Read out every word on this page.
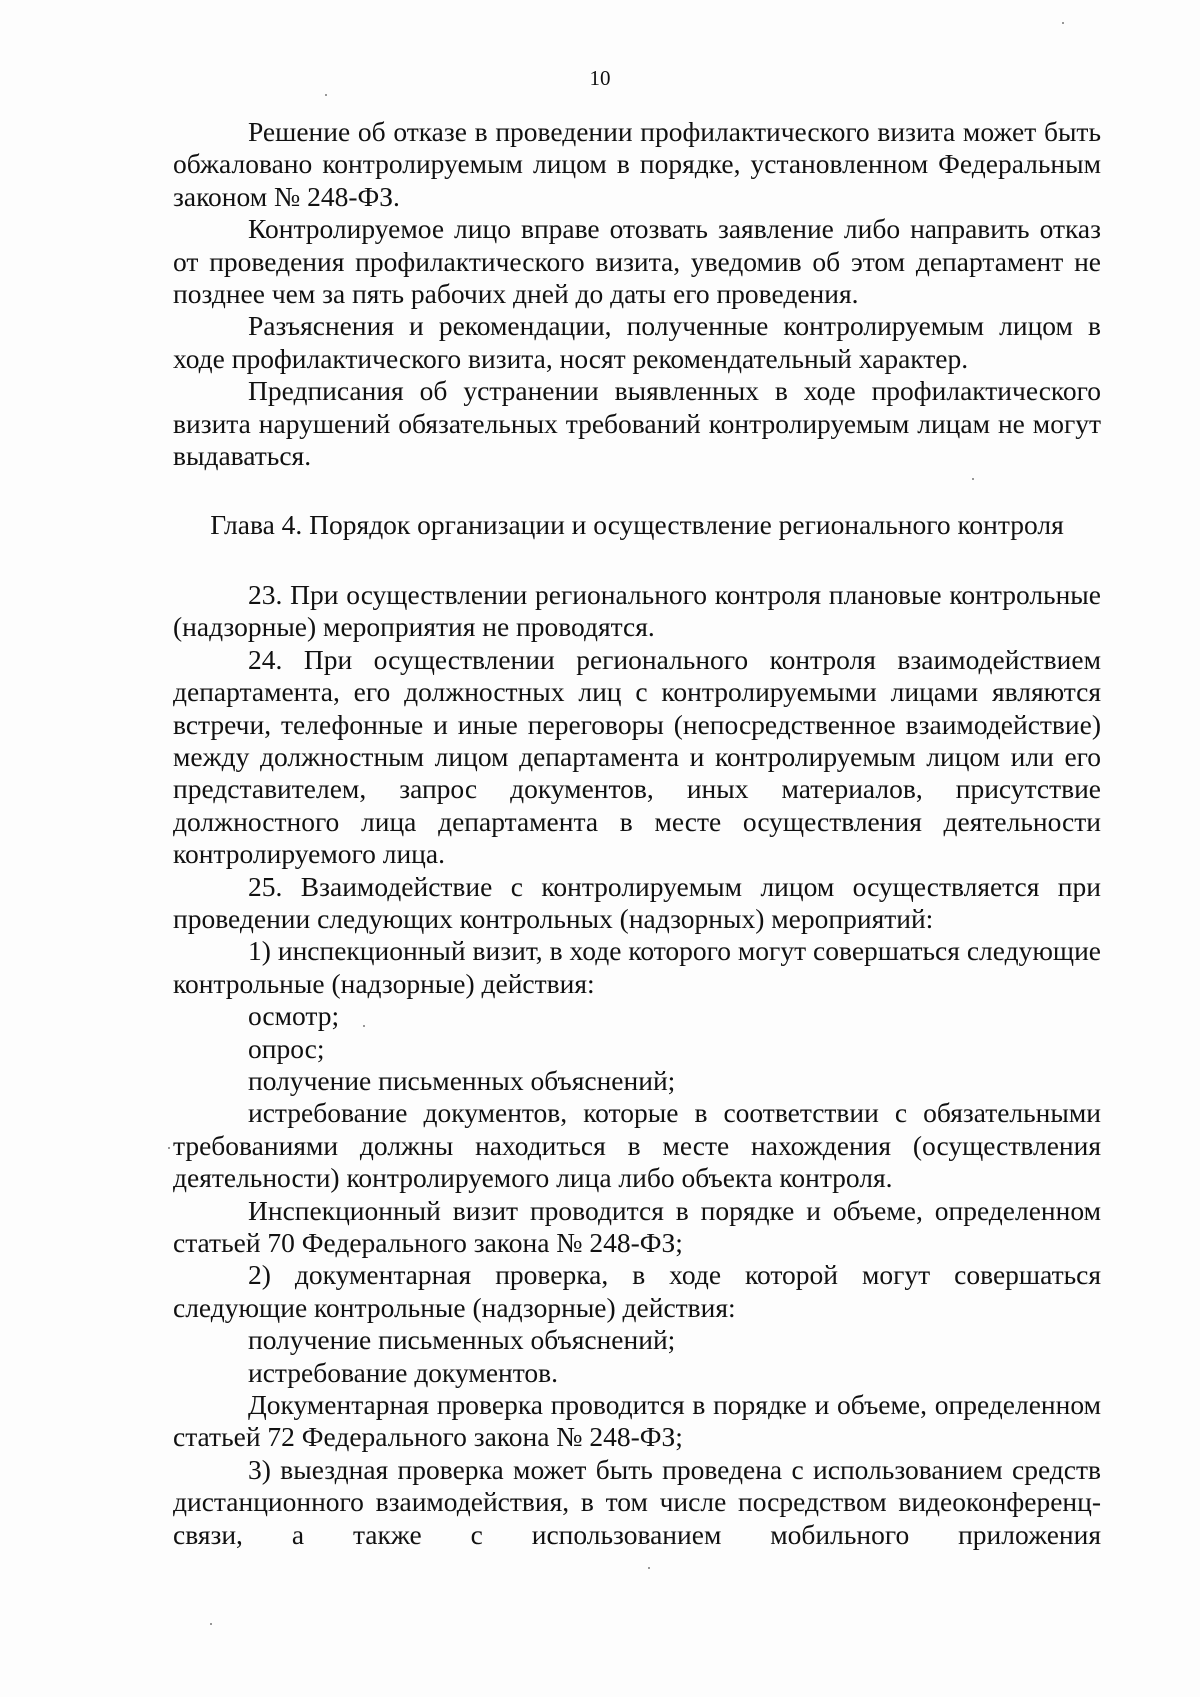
10

Решение об отказе в проведении профилактического визита может быть обжаловано контролируемым лицом в порядке, установленном Федеральным законом № 248-ФЗ.

Контролируемое лицо вправе отозвать заявление либо направить отказ от проведения профилактического визита, уведомив об этом департамент не позднее чем за пять рабочих дней до даты его проведения.

Разъяснения и рекомендации, полученные контролируемым лицом в ходе профилактического визита, носят рекомендательный характер.

Предписания об устранении выявленных в ходе профилактического визита нарушений обязательных требований контролируемым лицам не могут выдаваться.

Глава 4. Порядок организации и осуществление регионального контроля

23. При осуществлении регионального контроля плановые контрольные (надзорные) мероприятия не проводятся.

24. При осуществлении регионального контроля взаимодействием департамента, его должностных лиц с контролируемыми лицами являются встречи, телефонные и иные переговоры (непосредственное взаимодействие) между должностным лицом департамента и контролируемым лицом или его представителем, запрос документов, иных материалов, присутствие должностного лица департамента в месте осуществления деятельности контролируемого лица.

25. Взаимодействие с контролируемым лицом осуществляется при проведении следующих контрольных (надзорных) мероприятий:

1) инспекционный визит, в ходе которого могут совершаться следующие контрольные (надзорные) действия:

осмотр;

опрос;

получение письменных объяснений;

истребование документов, которые в соответствии с обязательными требованиями должны находиться в месте нахождения (осуществления деятельности) контролируемого лица либо объекта контроля.

Инспекционный визит проводится в порядке и объеме, определенном статьей 70 Федерального закона № 248-ФЗ;

2) документарная проверка, в ходе которой могут совершаться следующие контрольные (надзорные) действия:

получение письменных объяснений;

истребование документов.

Документарная проверка проводится в порядке и объеме, определенном статьей 72 Федерального закона № 248-ФЗ;

3) выездная проверка может быть проведена с использованием средств дистанционного взаимодействия, в том числе посредством видеоконференц-связи, а также с использованием мобильного приложения
